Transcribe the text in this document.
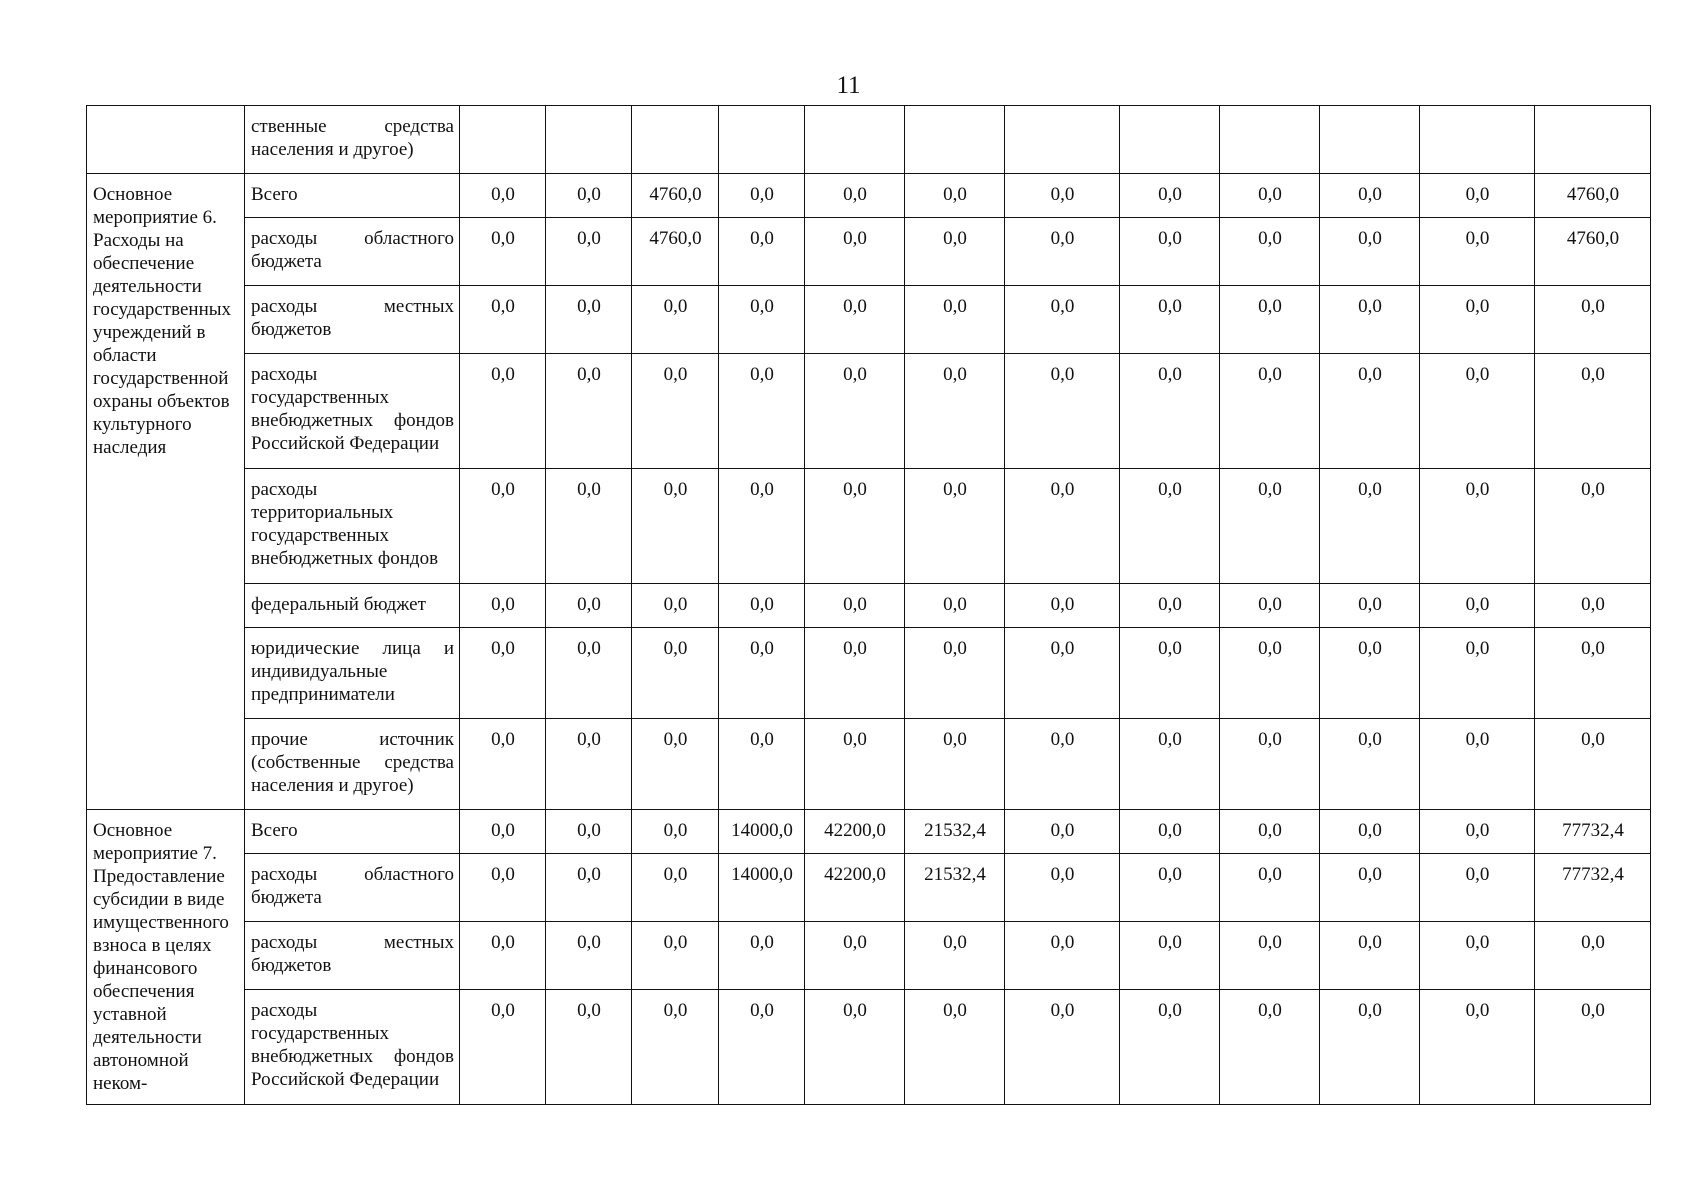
11
	ственные средства населения и другое)												
Основное мероприятие 6. Расходы на обеспечение деятельности государственных учреждений в области государственной охраны объектов культурного наследия	Всего	0,0	0,0	4760,0	0,0	0,0	0,0	0,0	0,0	0,0	0,0	0,0	4760,0
	расходы областного бюджета	0,0	0,0	4760,0	0,0	0,0	0,0	0,0	0,0	0,0	0,0	0,0	4760,0
	расходы местных бюджетов	0,0	0,0	0,0	0,0	0,0	0,0	0,0	0,0	0,0	0,0	0,0	0,0
	расходы государственных внебюджетных фондов Российской Федерации	0,0	0,0	0,0	0,0	0,0	0,0	0,0	0,0	0,0	0,0	0,0	0,0
	расходы территориальных государственных внебюджетных фондов	0,0	0,0	0,0	0,0	0,0	0,0	0,0	0,0	0,0	0,0	0,0	0,0
	федеральный бюджет	0,0	0,0	0,0	0,0	0,0	0,0	0,0	0,0	0,0	0,0	0,0	0,0
	юридические лица и индивидуальные предприниматели	0,0	0,0	0,0	0,0	0,0	0,0	0,0	0,0	0,0	0,0	0,0	0,0
	прочие источник (собственные средства населения и другое)	0,0	0,0	0,0	0,0	0,0	0,0	0,0	0,0	0,0	0,0	0,0	0,0
Основное мероприятие 7. Предоставление субсидии в виде имущественного взноса в целях финансового обеспечения уставной деятельности автономной неком-	Всего	0,0	0,0	0,0	14000,0	42200,0	21532,4	0,0	0,0	0,0	0,0	0,0	77732,4
	расходы областного бюджета	0,0	0,0	0,0	14000,0	42200,0	21532,4	0,0	0,0	0,0	0,0	0,0	77732,4
	расходы местных бюджетов	0,0	0,0	0,0	0,0	0,0	0,0	0,0	0,0	0,0	0,0	0,0	0,0
	расходы государственных внебюджетных фондов Российской Федерации	0,0	0,0	0,0	0,0	0,0	0,0	0,0	0,0	0,0	0,0	0,0	0,0
